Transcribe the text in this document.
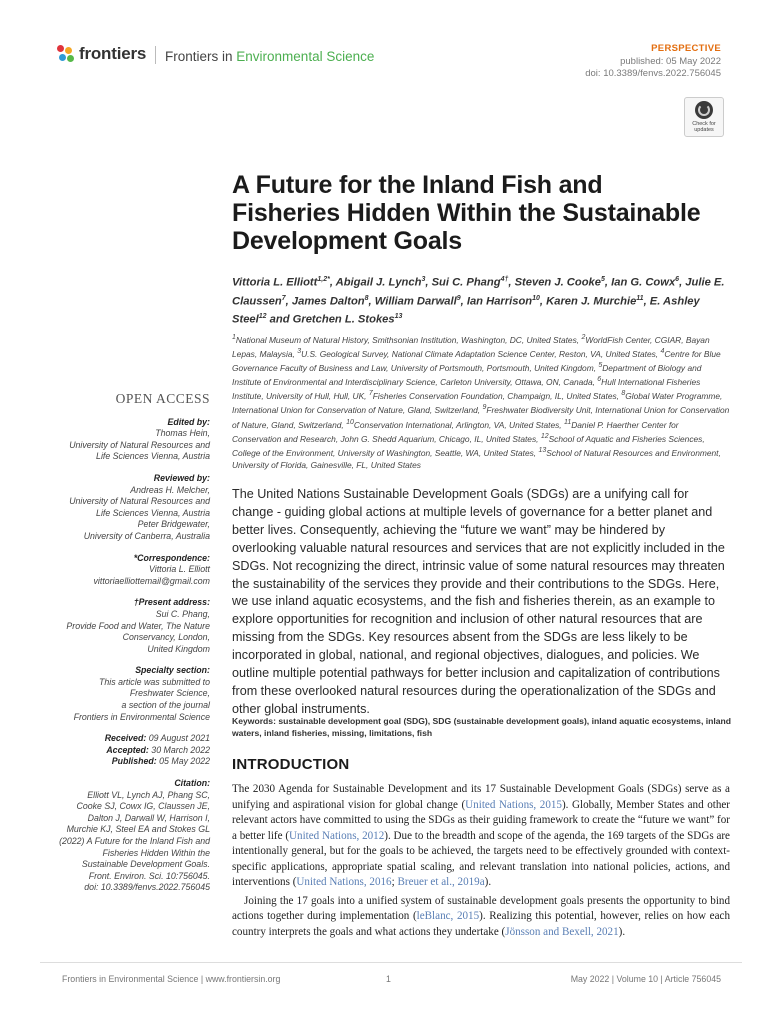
frontiers Frontiers in Environmental Science
PERSPECTIVE
published: 05 May 2022
doi: 10.3389/fenvs.2022.756045
Check for updates
A Future for the Inland Fish and Fisheries Hidden Within the Sustainable Development Goals
Vittoria L. Elliott$^{1,2*}$, Abigail J. Lynch$^3$, Sui C. Phang$^{4\dagger}$, Steven J. Cooke$^5$, Ian G. Cowx$^6$, Julie E. Claussen$^7$, James Dalton$^8$, William Darwall$^9$, Ian Harrison$^{10}$, Karen J. Murchie$^{11}$, E. Ashley Steel$^{12}$ and Gretchen L. Stokes$^{13}$
$^1$National Museum of Natural History, Smithsonian Institution, Washington, DC, United States, $^2$WorldFish Center, CGIAR, Bayan Lepas, Malaysia, $^3$U.S. Geological Survey, National Climate Adaptation Science Center, Reston, VA, United States, $^4$Centre for Blue Governance Faculty of Business and Law, University of Portsmouth, Portsmouth, United Kingdom, $^5$Department of Biology and Institute of Environmental and Interdisciplinary Science, Carleton University, Ottawa, ON, Canada, $^6$Hull International Fisheries Institute, University of Hull, Hull, UK, $^7$Fisheries Conservation Foundation, Champaign, IL, United States, $^8$Global Water Programme, International Union for Conservation of Nature, Gland, Switzerland, $^9$Freshwater Biodiversity Unit, International Union for Conservation of Nature, Gland, Switzerland, $^{10}$Conservation International, Arlington, VA, United States, $^{11}$Daniel P. Haerther Center for Conservation and Research, John G. Shedd Aquarium, Chicago, IL, United States, $^{12}$School of Aquatic and Fisheries Sciences, College of the Environment, University of Washington, Seattle, WA, United States, $^{13}$School of Natural Resources and Environment, University of Florida, Gainesville, FL, United States
OPEN ACCESS
Edited by:
Thomas Hein,
University of Natural Resources and
Life Sciences Vienna, Austria
Reviewed by:
Andreas H. Melcher,
University of Natural Resources and
Life Sciences Vienna, Austria
Peter Bridgewater,
University of Canberra, Australia
*Correspondence:
Vittoria L. Elliott
vittoriaelliottemail@gmail.com
†Present address:
Sui C. Phang,
Provide Food and Water, The Nature
Conservancy, London,
United Kingdom
Specialty section:
This article was submitted to
Freshwater Science,
a section of the journal
Frontiers in Environmental Science
Received: 09 August 2021
Accepted: 30 March 2022
Published: 05 May 2022
Citation:
Elliott VL, Lynch AJ, Phang SC,
Cooke SJ, Cowx IG, Claussen JE,
Dalton J, Darwall W, Harrison I,
Murchie KJ, Steel EA and Stokes GL
(2022) A Future for the Inland Fish and
Fisheries Hidden Within the
Sustainable Development Goals.
Front. Environ. Sci. 10:756045.
doi: 10.3389/fenvs.2022.756045
The United Nations Sustainable Development Goals (SDGs) are a unifying call for change - guiding global actions at multiple levels of governance for a better planet and better lives. Consequently, achieving the “future we want” may be hindered by overlooking valuable natural resources and services that are not explicitly included in the SDGs. Not recognizing the direct, intrinsic value of some natural resources may threaten the sustainability of the services they provide and their contributions to the SDGs. Here, we use inland aquatic ecosystems, and the fish and fisheries therein, as an example to explore opportunities for recognition and inclusion of other natural resources that are missing from the SDGs. Key resources absent from the SDGs are less likely to be incorporated in global, national, and regional objectives, dialogues, and policies. We outline multiple potential pathways for better inclusion and capitalization of contributions from these overlooked natural resources during the operationalization of the SDGs and other global instruments.
Keywords: sustainable development goal (SDG), SDG (sustainable development goals), inland aquatic ecosystems, inland waters, inland fisheries, missing, limitations, fish
INTRODUCTION

The 2030 Agenda for Sustainable Development and its 17 Sustainable Development Goals (SDGs) serve as a unifying and aspirational vision for global change (United Nations, 2015). Globally, Member States and other relevant actors have committed to using the SDGs as their guiding framework to create the “future we want” for a better life (United Nations, 2012). Due to the breadth and scope of the agenda, the 169 targets of the SDGs are intentionally general, but for the goals to be achieved, the targets need to be effectively grounded with context-specific applications, appropriate spatial scaling, and relevant translation into national policies, actions, and interventions (United Nations, 2016; Breuer et al., 2019a).

Joining the 17 goals into a unified system of sustainable development goals presents the opportunity to bind actions together during implementation (leBlanc, 2015). Realizing this potential, however, relies on how each country interprets the goals and what actions they undertake (Jönsson and Bexell, 2021).

Frontiers in Environmental Science | www.frontiersin.org	1	May 2022 | Volume 10 | Article 756045
